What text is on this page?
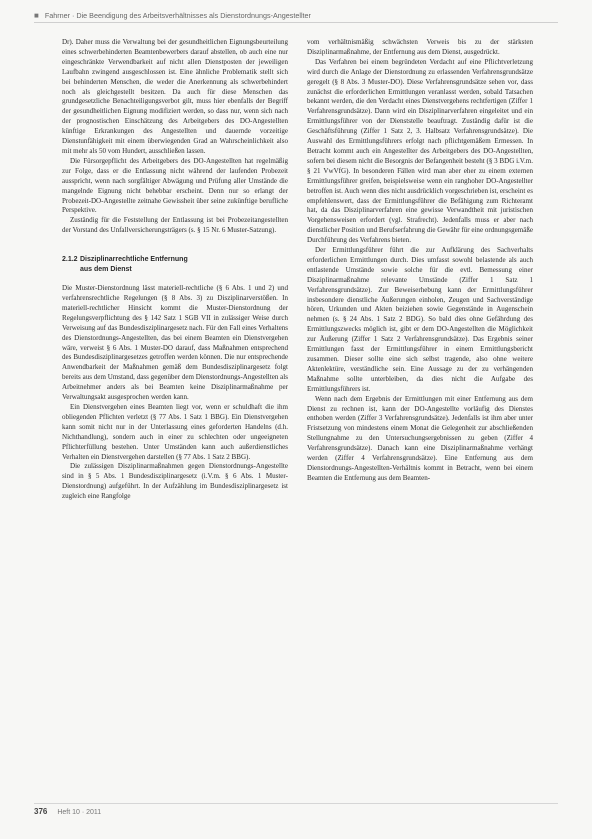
■ Fahrner · Die Beendigung des Arbeitsverhältnisses als Dienstordnungs-Angestellter

Dr). Daher muss die Verwaltung bei der gesundheitlichen Eignungsbeurteilung eines schwerbehinderten Beamtenbewerbers darauf abstellen, ob auch eine nur eingeschränkte Verwendbarkeit auf nicht allen Dienstposten der jeweiligen Laufbahn zwingend ausgeschlossen ist. Eine ähnliche Problematik stellt sich bei behinderten Menschen, die weder die Anerkennung als schwerbehindert noch als gleichgestellt besitzen. Da auch für diese Menschen das grundgesetzliche Benachteiligungsverbot gilt, muss hier ebenfalls der Begriff der gesundheitlichen Eignung modifiziert werden, so dass nur, wenn sich nach der prognostischen Einschätzung des Arbeitgebers des DO-Angestellten künftige Erkrankungen des Angestellten und dauernde vorzeitige Dienstunfähigkeit mit einem überwiegenden Grad an Wahrscheinlichkeit also mit mehr als 50 vom Hundert, ausschließen lassen.

Die Fürsorgepflicht des Arbeitgebers des DO-Angestellten hat regelmäßig zur Folge, dass er die Entlassung nicht während der laufenden Probezeit ausspricht, wenn nach sorgfältiger Abwägung und Prüfung aller Umstände die mangelnde Eignung nicht behebbar erscheint. Denn nur so erlangt der Probezeit-DO-Angestellte zeitnahe Gewissheit über seine zukünftige berufliche Perspektive.

Zuständig für die Feststellung der Entlassung ist bei Probezeitangestellten der Vorstand des Unfallversicherungsträgers (s. § 15 Nr. 6 Muster-Satzung).

2.1.2 Disziplinarrechtliche Entfernung
aus dem Dienst

Die Muster-Dienstordnung lässt materiell-rechtliche (§ 6 Abs. 1 und 2) und verfahrensrechtliche Regelungen (§ 8 Abs. 3) zu Disziplinarverstößen. In materiell-rechtlicher Hinsicht kommt die Muster-Dienstordnung der Regelungsverpflichtung des § 142 Satz 1 SGB VII in zulässiger Weise durch Verweisung auf das Bundesdisziplinargesetz nach. Für den Fall eines Verhaltens des Dienstordnungs-Angestellten, das bei einem Beamten ein Dienstvergehen wäre, verweist § 6 Abs. 1 Muster-DO darauf, dass Maßnahmen entsprechend des Bundesdisziplinargesetzes getroffen werden können. Die nur entsprechende Anwendbarkeit der Maßnahmen gemäß dem Bundesdisziplinargesetz folgt bereits aus dem Umstand, dass gegenüber dem Dienstordnungs-Angestellten als Arbeitnehmer anders als bei Beamten keine Disziplinarmaßnahme per Verwaltungsakt ausgesprochen werden kann.

Ein Dienstvergehen eines Beamten liegt vor, wenn er schuldhaft die ihm obliegenden Pflichten verletzt (§ 77 Abs. 1 Satz 1 BBG). Ein Dienstvergehen kann somit nicht nur in der Unterlassung eines geforderten Handelns (d.h. Nichthandlung), sondern auch in einer zu schlechten oder ungeeigneten Pflichterfüllung bestehen. Unter Umständen kann auch außerdienstliches Verhalten ein Dienstvergehen darstellen (§ 77 Abs. 1 Satz 2 BBG).

Die zulässigen Disziplinarmaßnahmen gegen Dienstordnungs-Angestellte sind in § 5 Abs. 1 Bundesdisziplinargesetz (i.V.m. § 6 Abs. 1 Muster-Dienstordnung) aufgeführt. In der Aufzählung im Bundesdisziplinargesetz ist zugleich eine Rangfolge

vom verhältnismäßig schwächsten Verweis bis zu der stärksten Disziplinarmaßnahme, der Entfernung aus dem Dienst, ausgedrückt.

Das Verfahren bei einem begründeten Verdacht auf eine Pflichtverletzung wird durch die Anlage der Dienstordnung zu erlassenden Verfahrensgrundsätze geregelt (§ 8 Abs. 3 Muster-DO). Diese Verfahrensgrundsätze sehen vor, dass zunächst die erforderlichen Ermittlungen veranlasst werden, sobald Tatsachen bekannt werden, die den Verdacht eines Dienstvergehens rechtfertigen (Ziffer 1 Verfahrensgrundsätze). Dann wird ein Disziplinarverfahren eingeleitet und ein Ermittlungsführer von der Dienststelle beauftragt. Zuständig dafür ist die Geschäftsführung (Ziffer 1 Satz 2, 3. Halbsatz Verfahrensgrundsätze). Die Auswahl des Ermittlungsführers erfolgt nach pflichtgemäßem Ermessen. In Betracht kommt auch ein Angestellter des Arbeitgebers des DO-Angestellten, sofern bei diesem nicht die Besorgnis der Befangenheit besteht (§ 3 BDG i.V.m. § 21 VwVfG). In besonderen Fällen wird man aber eher zu einem externen Ermittlungsführer greifen, beispielsweise wenn ein ranghoher DO-Angestellter betroffen ist. Auch wenn dies nicht ausdrücklich vorgeschrieben ist, erscheint es empfehlenswert, dass der Ermittlungsführer die Befähigung zum Richteramt hat, da das Disziplinarverfahren eine gewisse Verwandtheit mit juristischen Vorgehensweisen erfordert (vgl. Strafrecht). Jedenfalls muss er aber nach dienstlicher Position und Berufserfahrung die Gewähr für eine ordnungsgemäße Durchführung des Verfahrens bieten.

Der Ermittlungsführer führt die zur Aufklärung des Sachverhalts erforderlichen Ermittlungen durch. Dies umfasst sowohl belastende als auch entlastende Umstände sowie solche für die evtl. Bemessung einer Disziplinarmaßnahme relevante Umstände (Ziffer 1 Satz 1 Verfahrensgrundsätze). Zur Beweiserhebung kann der Ermittlungsführer insbesondere dienstliche Äußerungen einholen, Zeugen und Sachverständige hören, Urkunden und Akten beiziehen sowie Gegenstände in Augenschein nehmen (s. § 24 Abs. 1 Satz 2 BDG). So bald dies ohne Gefährdung des Ermittlungszwecks möglich ist, gibt er dem DO-Angestellten die Möglichkeit zur Äußerung (Ziffer 1 Satz 2 Verfahrensgrundsätze). Das Ergebnis seiner Ermittlungen fasst der Ermittlungsführer in einem Ermittlungsbericht zusammen. Dieser sollte eine sich selbst tragende, also ohne weitere Aktenlektüre, verständliche sein. Eine Aussage zu der zu verhängenden Maßnahme sollte unterbleiben, da dies nicht die Aufgabe des Ermittlungsführers ist.

Wenn nach dem Ergebnis der Ermittlungen mit einer Entfernung aus dem Dienst zu rechnen ist, kann der DO-Angestellte vorläufig des Dienstes enthoben werden (Ziffer 3 Verfahrensgrundsätze). Jedenfalls ist ihm aber unter Fristsetzung von mindestens einem Monat die Gelegenheit zur abschließenden Stellungnahme zu den Untersuchungsergebnissen zu geben (Ziffer 4 Verfahrensgrundsätze). Danach kann eine Disziplinarmaßnahme verhängt werden (Ziffer 4 Verfahrensgrundsätze). Eine Entfernung aus dem Dienstordnungs-Angestellten-Verhältnis kommt in Betracht, wenn bei einem Beamten die Entfernung aus dem Beamten-

376 Heft 10 · 2011
